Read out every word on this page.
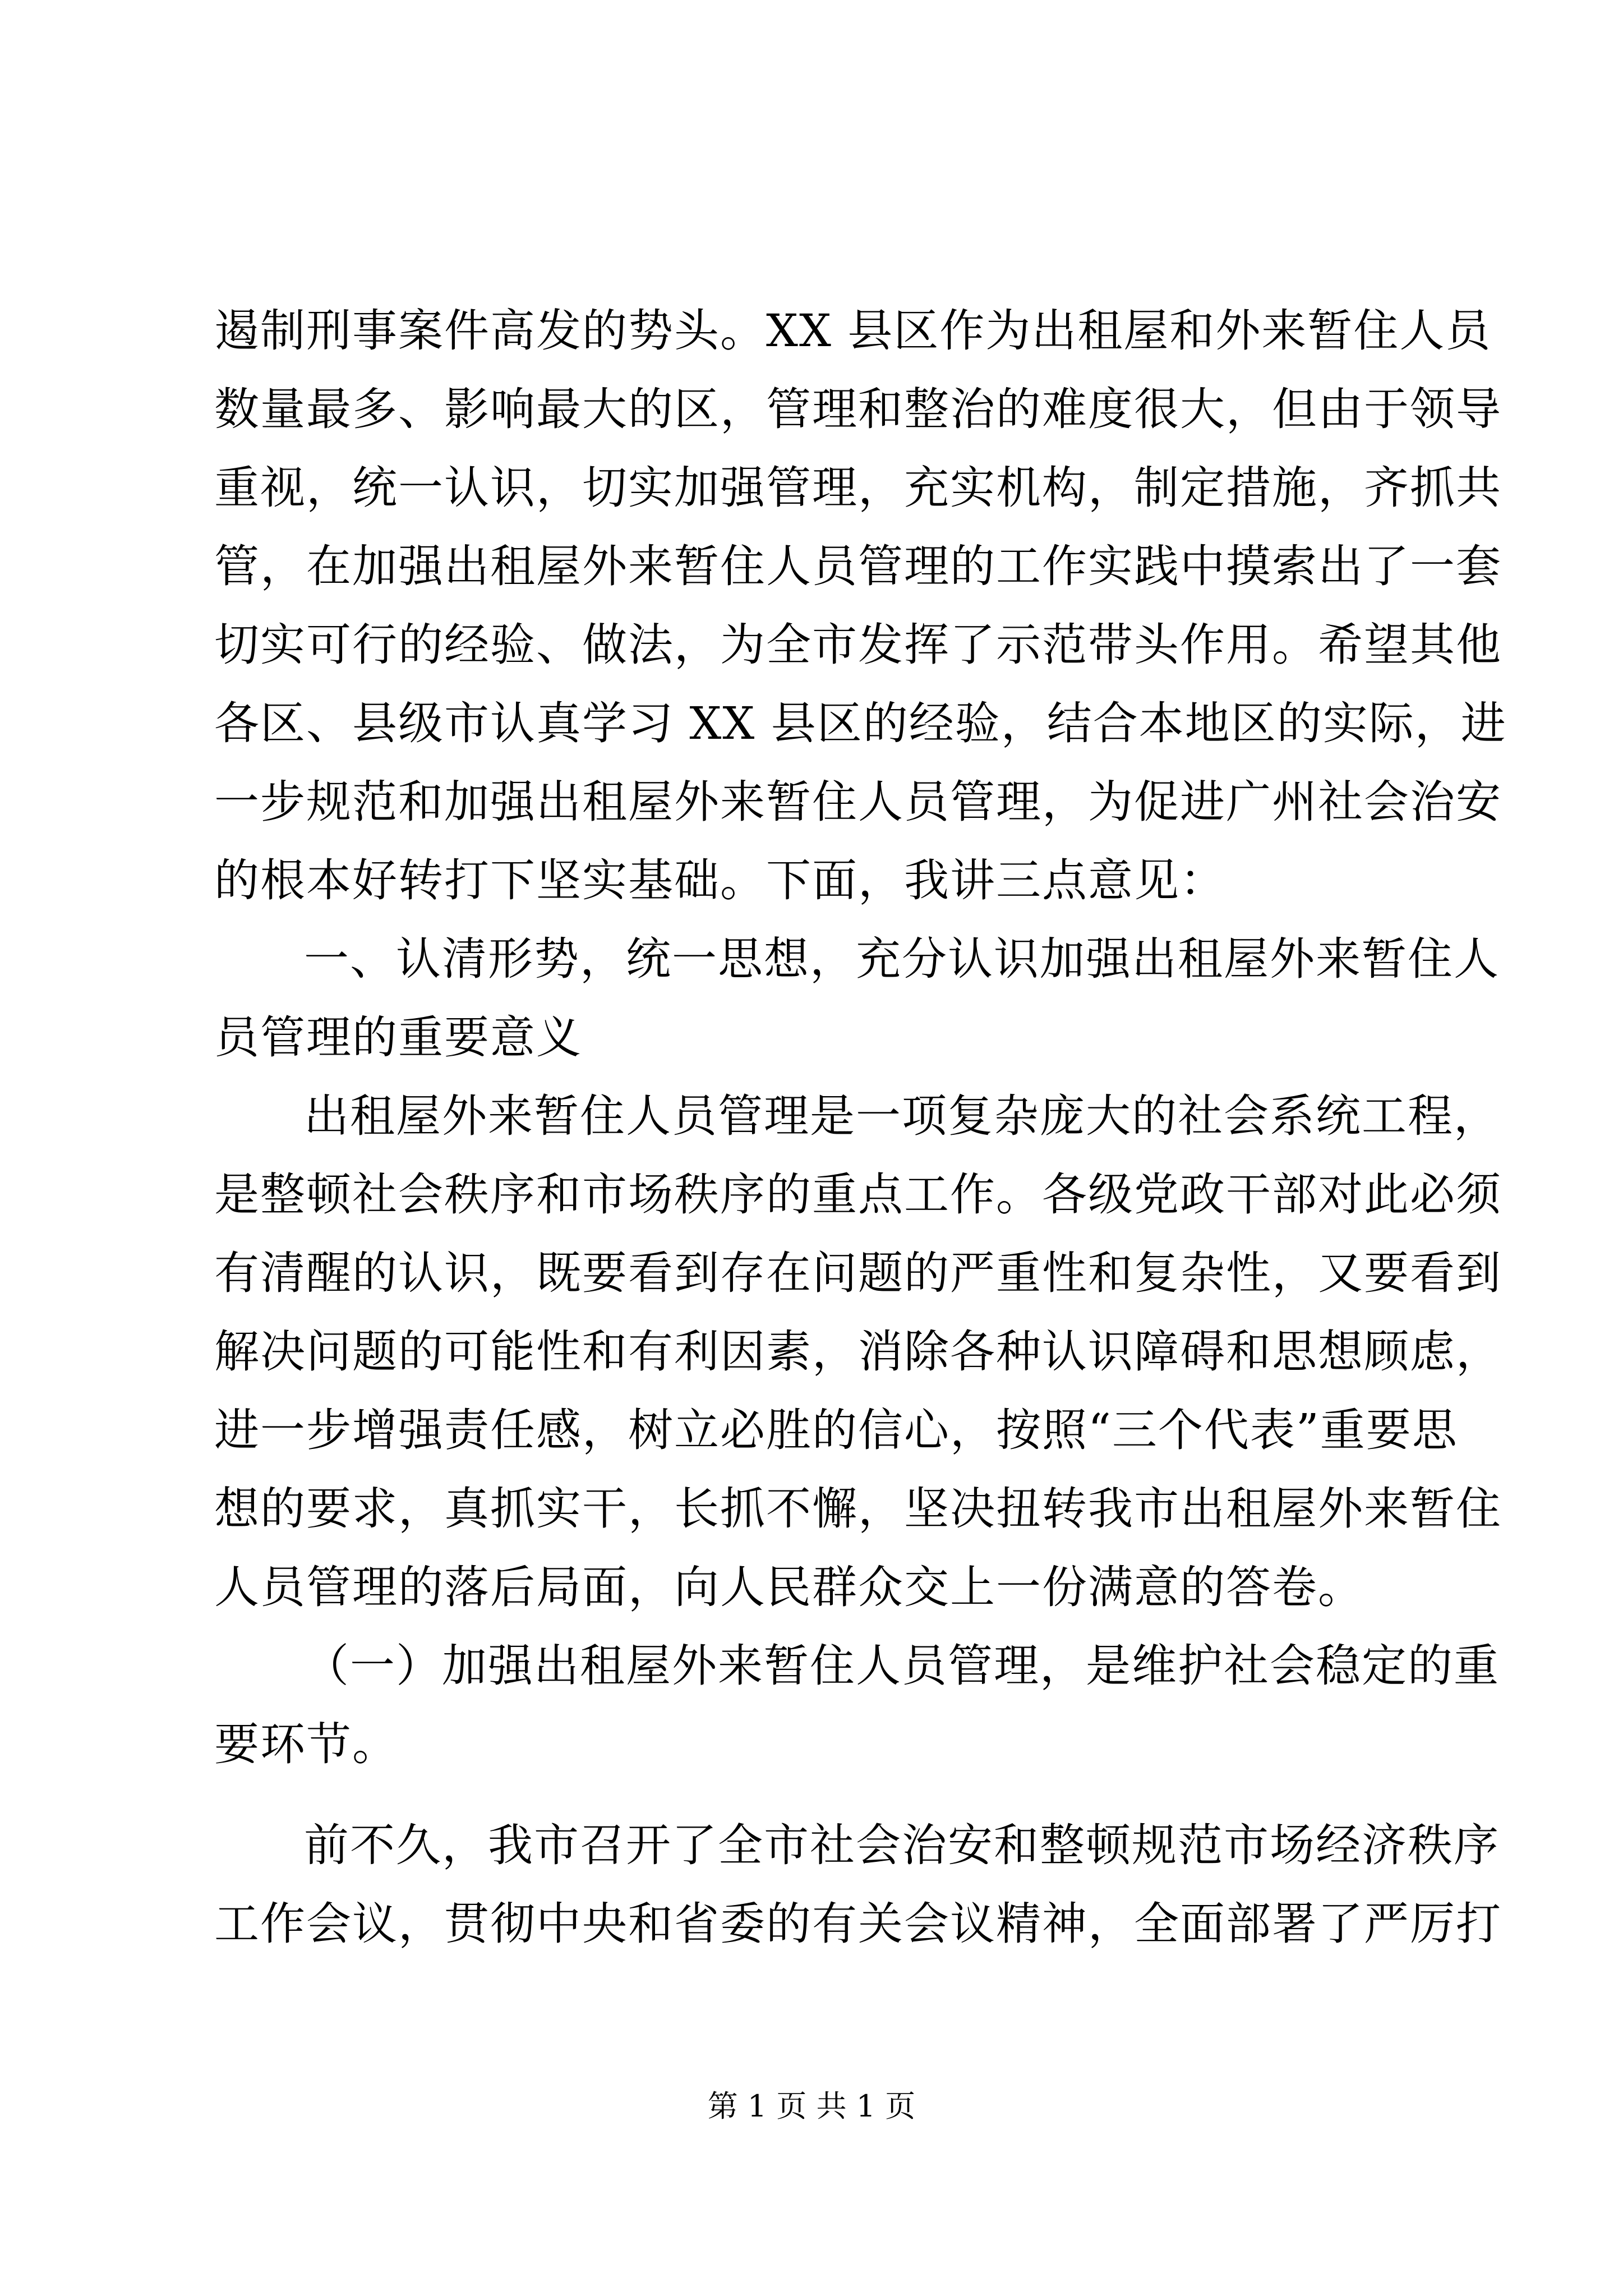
遏制刑事案件高发的势头。XX 县区作为出租屋和外来暂住人员
数量最多、影响最大的区，管理和整治的难度很大，但由于领导
重视，统一认识，切实加强管理，充实机构，制定措施，齐抓共
管，在加强出租屋外来暂住人员管理的工作实践中摸索出了一套
切实可行的经验、做法，为全市发挥了示范带头作用。希望其他
各区、县级市认真学习 XX 县区的经验，结合本地区的实际，进
一步规范和加强出租屋外来暂住人员管理，为促进广州社会治安
的根本好转打下坚实基础。下面，我讲三点意见：
一、认清形势，统一思想，充分认识加强出租屋外来暂住人
员管理的重要意义
出租屋外来暂住人员管理是一项复杂庞大的社会系统工程，
是整顿社会秩序和市场秩序的重点工作。各级党政干部对此必须
有清醒的认识，既要看到存在问题的严重性和复杂性，又要看到
解决问题的可能性和有利因素，消除各种认识障碍和思想顾虑，
进一步增强责任感，树立必胜的信心，按照“三个代表”重要思
想的要求，真抓实干，长抓不懈，坚决扭转我市出租屋外来暂住
人员管理的落后局面，向人民群众交上一份满意的答卷。
（一）加强出租屋外来暂住人员管理，是维护社会稳定的重
要环节。
前不久，我市召开了全市社会治安和整顿规范市场经济秩序
工作会议，贯彻中央和省委的有关会议精神，全面部署了严厉打
第 1 页 共 1 页
